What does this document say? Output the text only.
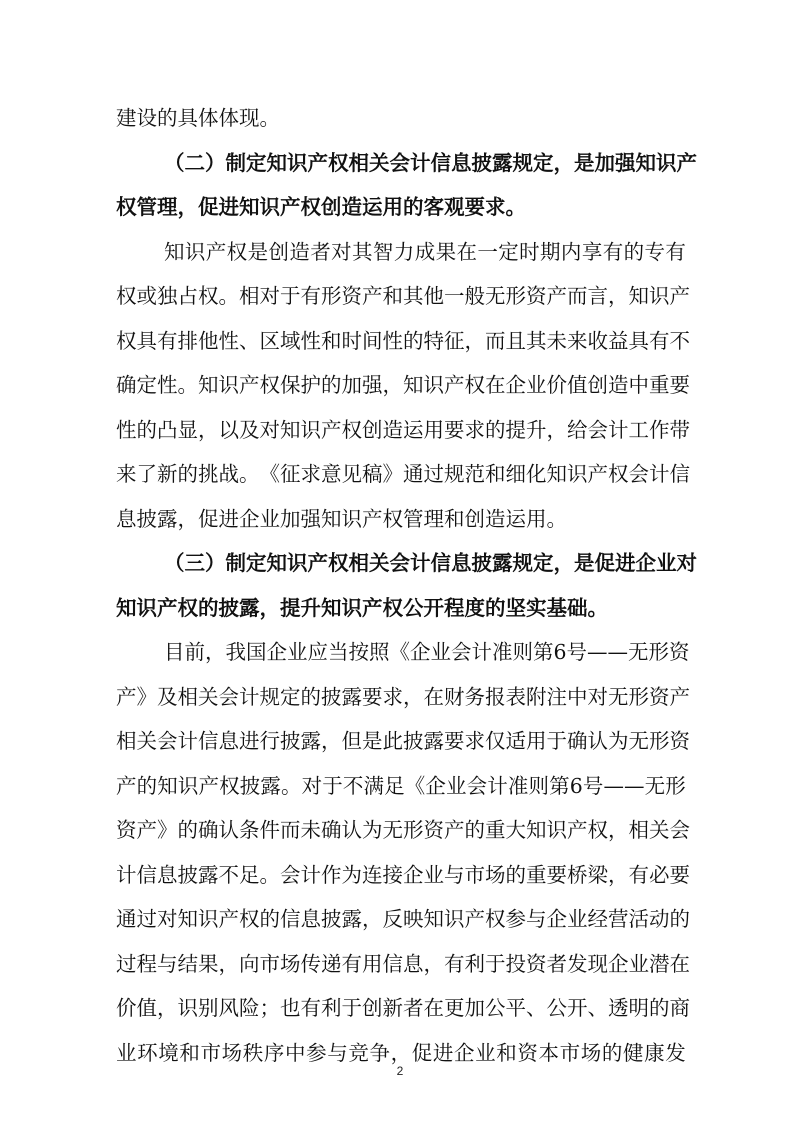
建设的具体体现。

（ 二 ） 制 定 知 识 产 权 相 关 会 计 信 息 披 露 规 定 ， 是 加 强 知 识 产

权管理，促进知识产权创造运用的客观要求。

知 识 产 权 是 创 造 者 对 其 智 力 成 果 在 一 定 时 期 内 享 有 的 专 有

权 或 独 占 权 。 相 对 于 有 形 资 产 和 其 他 一 般 无 形 资 产 而 言 ， 知 识 产

权 具 有 排 他 性 、 区 域 性 和 时 间 性 的 特 征 ， 而 且 其 未 来 收 益 具 有 不

确 定 性 。 知 识 产 权 保 护 的 加 强 ， 知 识 产 权 在 企 业 价 值 创 造 中 重 要

性 的 凸 显 ， 以 及 对 知 识 产 权 创 造 运 用 要 求 的 提 升 ， 给 会 计 工 作 带

来 了 新 的 挑 战 。 《 征 求 意 见 稿 》 通 过 规 范 和 细 化 知 识 产 权 会 计 信

息披露，促进企业加强知识产权管理和创造运用。

（ 三 ） 制 定 知 识 产 权 相 关 会 计 信 息 披 露 规 定 ， 是 促 进 企 业 对

知识产权的披露，提升知识产权公开程度的坚实基础。

目 前 ， 我 国 企 业 应 当 按 照 《 企 业 会 计 准 则 第 6 号 —— 无 形 资

产 》 及 相 关 会 计 规 定 的 披 露 要 求 ， 在 财 务 报 表 附 注 中 对 无 形 资 产

相 关 会 计 信 息 进 行 披 露 ， 但 是 此 披 露 要 求 仅 适 用 于 确 认 为 无 形 资

产 的 知 识 产 权 披 露 。 对 于 不 满 足 《 企 业 会 计 准 则 第 6 号 —— 无 形

资 产 》 的 确 认 条 件 而 未 确 认 为 无 形 资 产 的 重 大 知 识 产 权 ， 相 关 会

计 信 息 披 露 不 足 。 会 计 作 为 连 接 企 业 与 市 场 的 重 要 桥 梁 ， 有 必 要

通 过 对 知 识 产 权 的 信 息 披 露 ， 反 映 知 识 产 权 参 与 企 业 经 营 活 动 的

过 程 与 结 果 ， 向 市 场 传 递 有 用 信 息 ， 有 利 于 投 资 者 发 现 企 业 潜 在

价 值 ， 识 别 风 险 ； 也 有 利 于 创 新 者 在 更 加 公 平 、 公 开 、 透 明 的 商

业 环 境 和 市 场 秩 序 中 参 与 竞 争 ， 促 进 企 业 和 资 本 市 场 的 健 康 发

2
